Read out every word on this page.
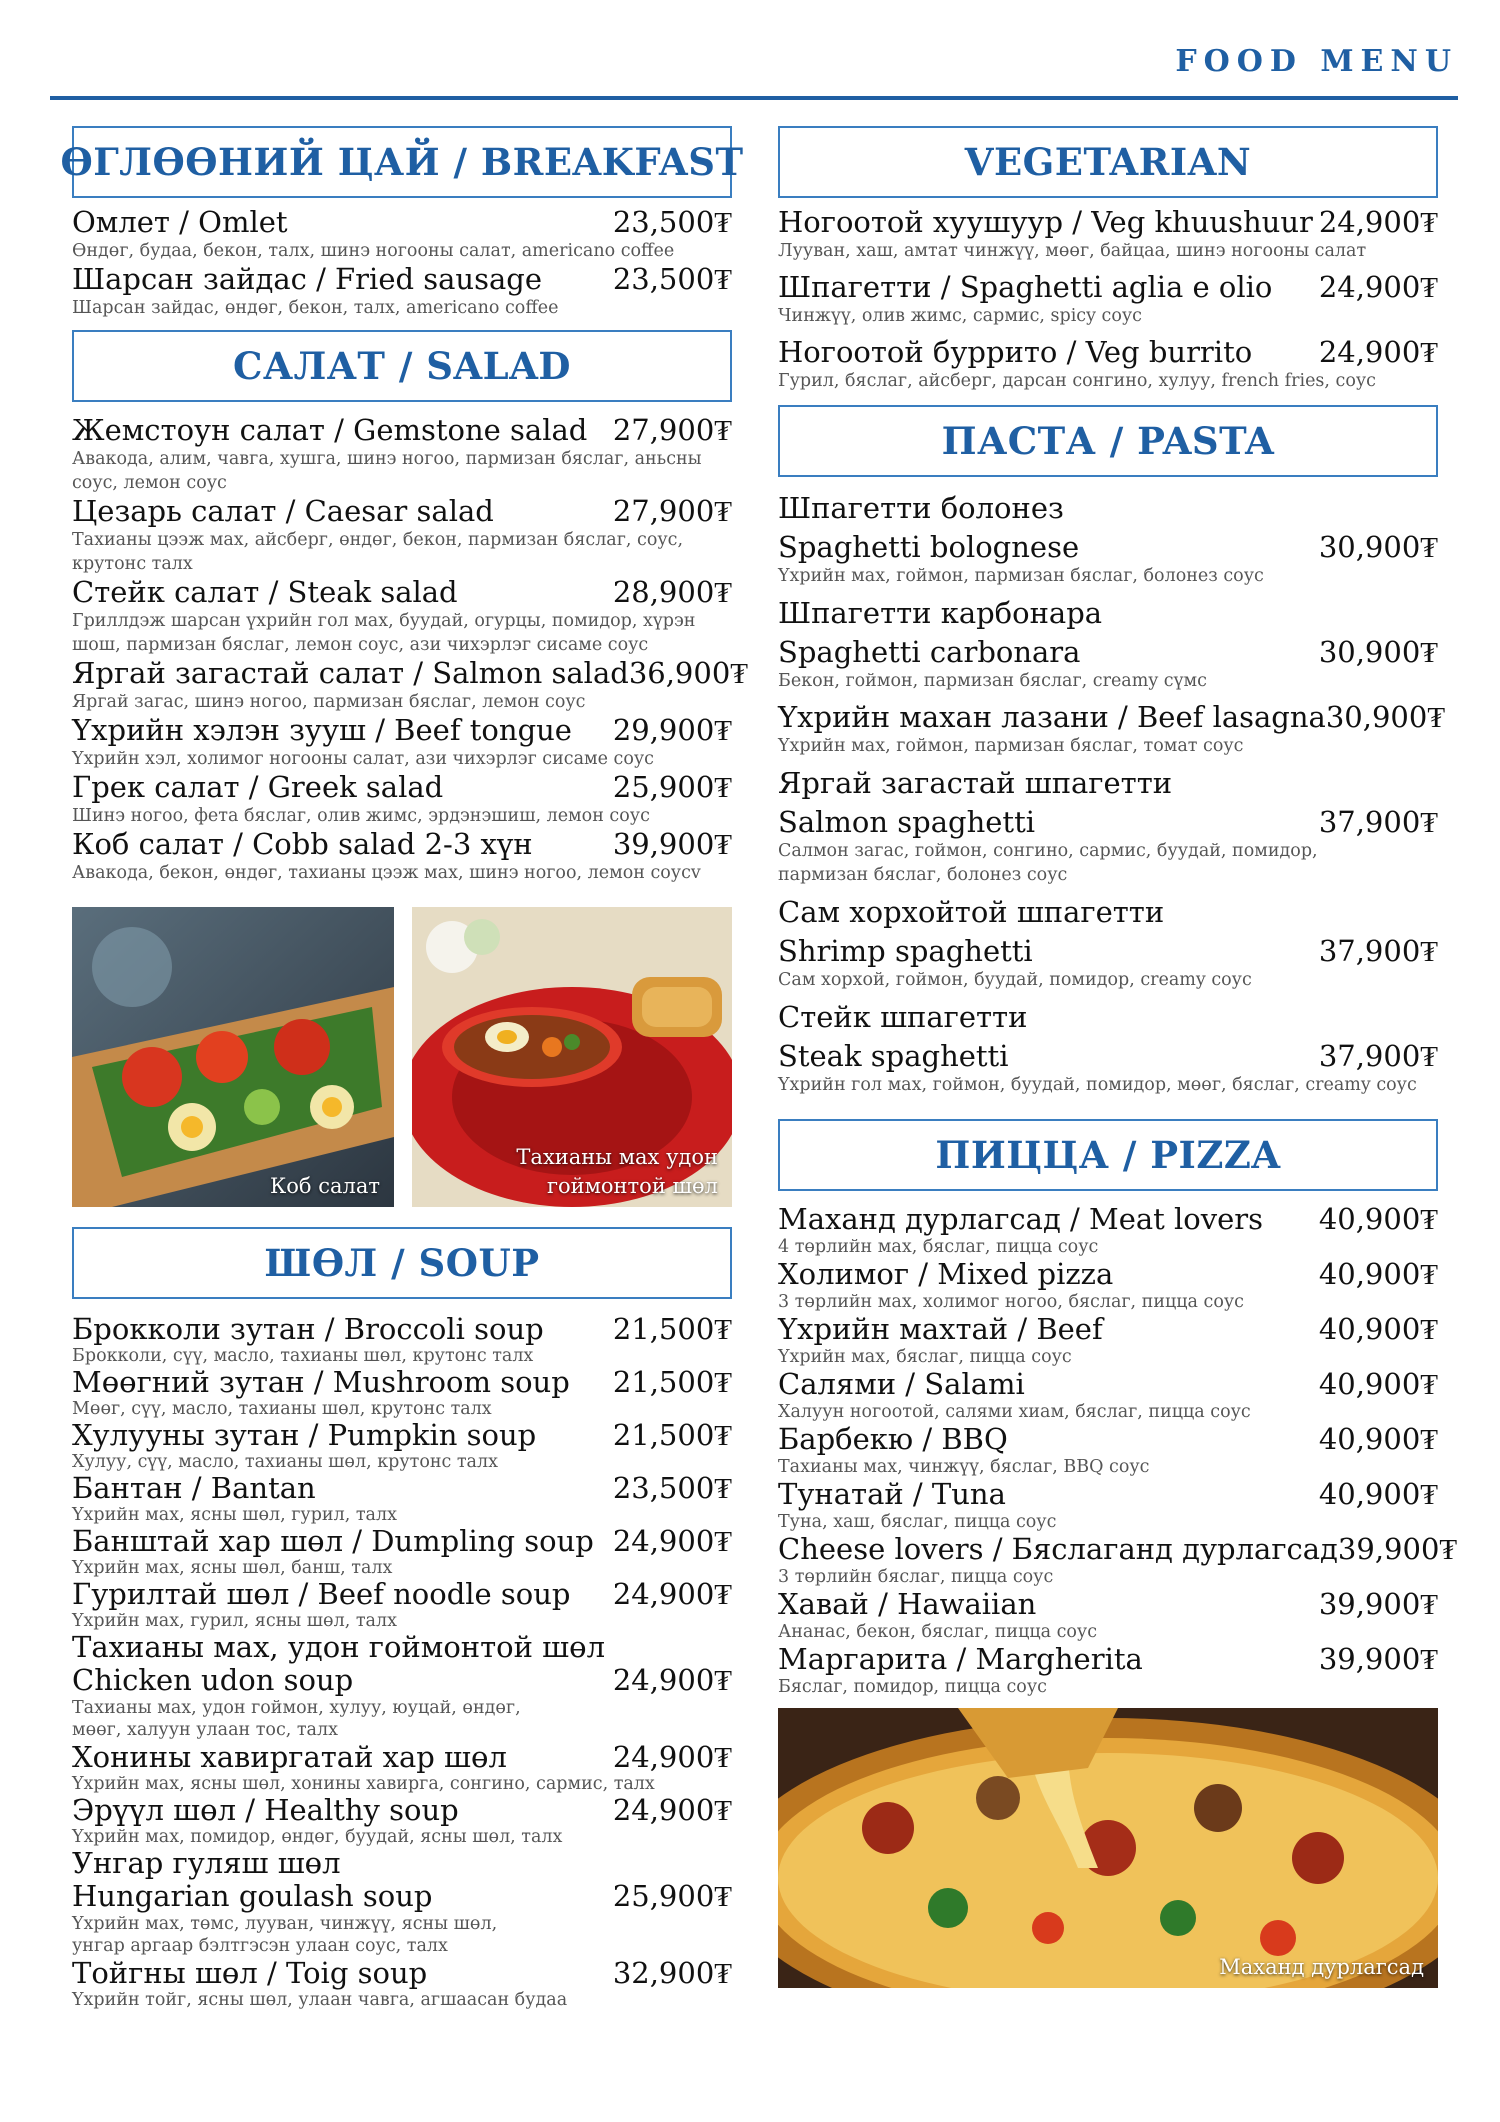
FOOD MENU
ӨГЛӨӨНИЙ ЦАЙ / BREAKFAST
Омлет / Omlet	23,500₮
Өндөг, будаа, бекон, талх, шинэ ногооны салат, americano coffee
Шарсан зайдас / Fried sausage 23,500₮
Шарсан зайдас, өндөг, бекон, талх, americano coffee
САЛАТ / SALAD
Жемстоун салат / Gemstone salad 27,900₮
Авакода, алим, чавга, хушга, шинэ ногоо, пармизан бяслаг, аньсны соус, лемон соус
Цезарь салат / Caesar salad	27,900₮
Тахианы цээж мах, айсберг, өндөг, бекон, пармизан бяслаг, соус, крутонс талх
Стейк салат / Steak salad	28,900₮
Гриллдэж шарсан үхрийн гол мах, буудай, огурцы, помидор, хүрэн шош, пармизан бяслаг, лемон соус, ази чихэрлэг сисаме соус
Яргай загастай салат / Salmon salad 36,900₮
Яргай загас, шинэ ногоо, пармизан бяслаг, лемон соус
Үхрийн хэлэн зууш / Beef tongue 29,900₮
Үхрийн хэл, холимог ногооны салат, ази чихэрлэг сисаме соус
Грек салат / Greek salad	25,900₮
Шинэ ногоо, фета бяслаг, олив жимс, эрдэнэшиш, лемон соус
Коб салат / Cobb salad 2-3 хүн	39,900₮
Авакода, бекон, өндөг, тахианы цээж мах, шинэ ногоо, лемон соусv
Коб салат
Тахианы мах удон гоймонтой шөл
ШӨЛ / SOUP
Брокколи зутан / Broccoli soup 21,500₮
Брокколи, сүү, масло, тахианы шөл, крутонс талх
Мөөгний зутан / Mushroom soup 21,500₮
Мөөг, сүү, масло, тахианы шөл, крутонс талх
Хулууны зутан / Pumpkin soup	21,500₮
Хулуу, сүү, масло, тахианы шөл, крутонс талх
Бантан / Bantan	23,500₮
Үхрийн мах, ясны шөл, гурил, талх
Банштай хар шөл / Dumpling soup 24,900₮
Үхрийн мах, ясны шөл, банш, талх
Гурилтай шөл / Beef noodle soup 24,900₮
Үхрийн мах, гурил, ясны шөл, талх
Тахианы мах, удон гоймонтой шөл
Chicken udon soup	24,900₮
Тахианы мах, удон гоймон, хулуу, юуцай, өндөг, мөөг, халуун улаан тос, талх
Хонины хавиргатай хар шөл	24,900₮
Үхрийн мах, ясны шөл, хонины хавирга, сонгино, сармис, талх
Эрүүл шөл / Healthy soup	24,900₮
Үхрийн мах, помидор, өндөг, буудай, ясны шөл, талх
Унгар гуляш шөл
Hungarian goulash soup	25,900₮
Үхрийн мах, төмс, лууван, чинжүү, ясны шөл, унгар аргаар бэлтгэсэн улаан соус, талх
Тойгны шөл / Toig soup	32,900₮
Үхрийн тойг, ясны шөл, улаан чавга, агшаасан будаа
VEGETARIAN
Ногоотой хуушуур / Veg khuushuur 24,900₮
Лууван, хаш, амтат чинжүү, мөөг, байцаа, шинэ ногооны салат
Шпагетти / Spaghetti aglia e olio 24,900₮
Чинжүү, олив жимс, сармис, spicy соус
Ногоотой буррито / Veg burrito 24,900₮
Гурил, бяслаг, айсберг, дарсан сонгино, хулуу, french fries, соус
ПАСТА / PASTA
Шпагетти болонез
Spaghetti bolognese	30,900₮
Үхрийн мах, гоймон, пармизан бяслаг, болонез соус
Шпагетти карбонара
Spaghetti carbonara	30,900₮
Бекон, гоймон, пармизан бяслаг, creamy сүмс
Үхрийн махан лазани / Beef lasagna 30,900₮
Үхрийн мах, гоймон, пармизан бяслаг, томат соус
Яргай загастай шпагетти
Salmon spaghetti	37,900₮
Салмон загас, гоймон, сонгино, сармис, буудай, помидор, пармизан бяслаг, болонез соус
Сам хорхойтой шпагетти
Shrimp spaghetti	37,900₮
Сам хорхой, гоймон, буудай, помидор, creamy соус
Стейк шпагетти
Steak spaghetti	37,900₮
Үхрийн гол мах, гоймон, буудай, помидор, мөөг, бяслаг, creamy соус
ПИЦЦА / PIZZA
Маханд дурлагсад / Meat lovers 40,900₮
4 төрлийн мах, бяслаг, пицца соус
Холимог / Mixed pizza	40,900₮
3 төрлийн мах, холимог ногоо, бяслаг, пицца соус
Үхрийн махтай / Beef	40,900₮
Үхрийн мах, бяслаг, пицца соус
Салями / Salami	40,900₮
Халуун ногоотой, салями хиам, бяслаг, пицца соус
Барбекю / BBQ	40,900₮
Тахианы мах, чинжүү, бяслаг, BBQ соус
Тунатай / Tuna	40,900₮
Туна, хаш, бяслаг, пицца соус
Cheese lovers / Бяслаганд дурлагсад 39,900₮
3 төрлийн бяслаг, пицца соус
Хавай / Hawaiian	39,900₮
Ананас, бекон, бяслаг, пицца соус
Маргарита / Margherita	39,900₮
Бяслаг, помидор, пицца соус
Маханд дурлагсад
